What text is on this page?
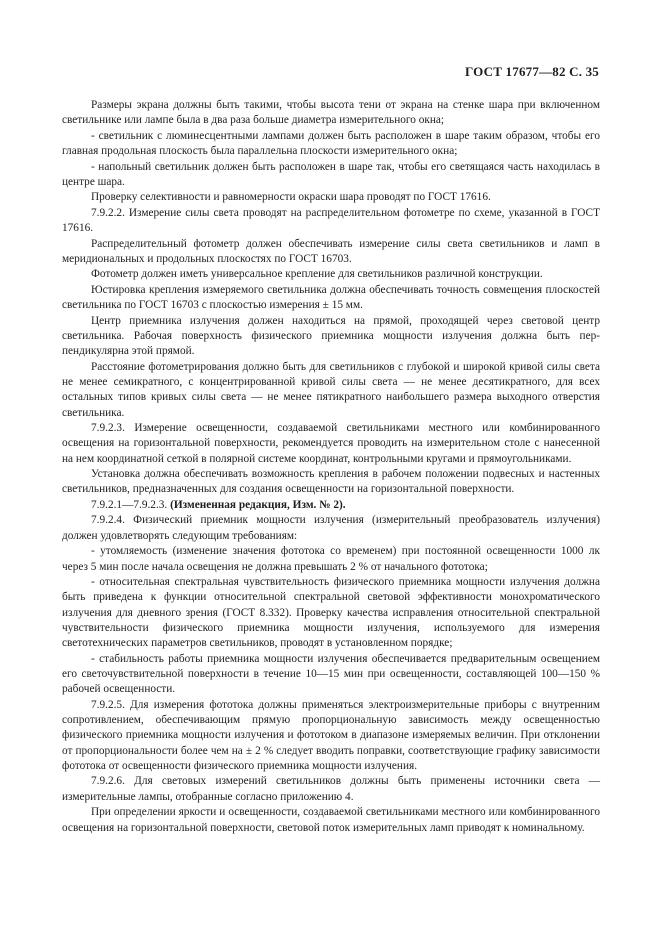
ГОСТ 17677—82 С. 35

Размеры экрана должны быть такими, чтобы высота тени от экрана на стенке шара при включенном светильнике или лампе была в два раза больше диаметра измерительного окна;

- светильник с люминесцентными лампами должен быть расположен в шаре таким образом, чтобы его главная продольная плоскость была параллельна плоскости измерительного окна;

- напольный светильник должен быть расположен в шаре так, чтобы его светящаяся часть находилась в центре шара.

Проверку селективности и равномерности окраски шара проводят по ГОСТ 17616.

7.9.2.2. Измерение силы света проводят на распределительном фотометре по схеме, указанной в ГОСТ 17616.

Распределительный фотометр должен обеспечивать измерение силы света светильников и ламп в меридиональных и продольных плоскостях по ГОСТ 16703.

Фотометр должен иметь универсальное крепление для светильников различной конструкции.

Юстировка крепления измеряемого светильника должна обеспечивать точность совмещения плоскостей светильника по ГОСТ 16703 с плоскостью измерения ± 15 мм.

Центр приемника излучения должен находиться на прямой, проходящей через световой центр светильника. Рабочая поверхность физического приемника мощности излучения должна быть перпендикулярна этой прямой.

Расстояние фотометрирования должно быть для светильников с глубокой и широкой кривой силы света не менее семикратного, с концентрированной кривой силы света — не менее десятикратного, для всех остальных типов кривых силы света — не менее пятикратного наибольшего размера выходного отверстия светильника.

7.9.2.3. Измерение освещенности, создаваемой светильниками местного или комбинированного освещения на горизонтальной поверхности, рекомендуется проводить на измерительном столе с нанесенной на нем координатной сеткой в полярной системе координат, контрольными кругами и прямоугольниками.

Установка должна обеспечивать возможность крепления в рабочем положении подвесных и настенных светильников, предназначенных для создания освещенности на горизонтальной поверхности.

7.9.2.1—7.9.2.3. (Измененная редакция, Изм. № 2).

7.9.2.4. Физический приемник мощности излучения (измерительный преобразователь излучения) должен удовлетворять следующим требованиям:

- утомляемость (изменение значения фототока со временем) при постоянной освещенности 1000 лк через 5 мин после начала освещения не должна превышать 2 % от начального фототока;

- относительная спектральная чувствительность физического приемника мощности излучения должна быть приведена к функции относительной спектральной световой эффективности монохроматического излучения для дневного зрения (ГОСТ 8.332). Проверку качества исправления относительной спектральной чувствительности физического приемника мощности излучения, используемого для измерения светотехнических параметров светильников, проводят в установленном порядке;

- стабильность работы приемника мощности излучения обеспечивается предварительным освещением его светочувствительной поверхности в течение 10—15 мин при освещенности, составляющей 100—150 % рабочей освещенности.

7.9.2.5. Для измерения фототока должны применяться электроизмерительные приборы с внутренним сопротивлением, обеспечивающим прямую пропорциональную зависимость между освещенностью физического приемника мощности излучения и фототоком в диапазоне измеряемых величин. При отклонении от пропорциональности более чем на ± 2 % следует вводить поправки, соответствующие графику зависимости фототока от освещенности физического приемника мощности излучения.

7.9.2.6. Для световых измерений светильников должны быть применены источники света — измерительные лампы, отобранные согласно приложению 4.

При определении яркости и освещенности, создаваемой светильниками местного или комбинированного освещения на горизонтальной поверхности, световой поток измерительных ламп приводят к номинальному.
